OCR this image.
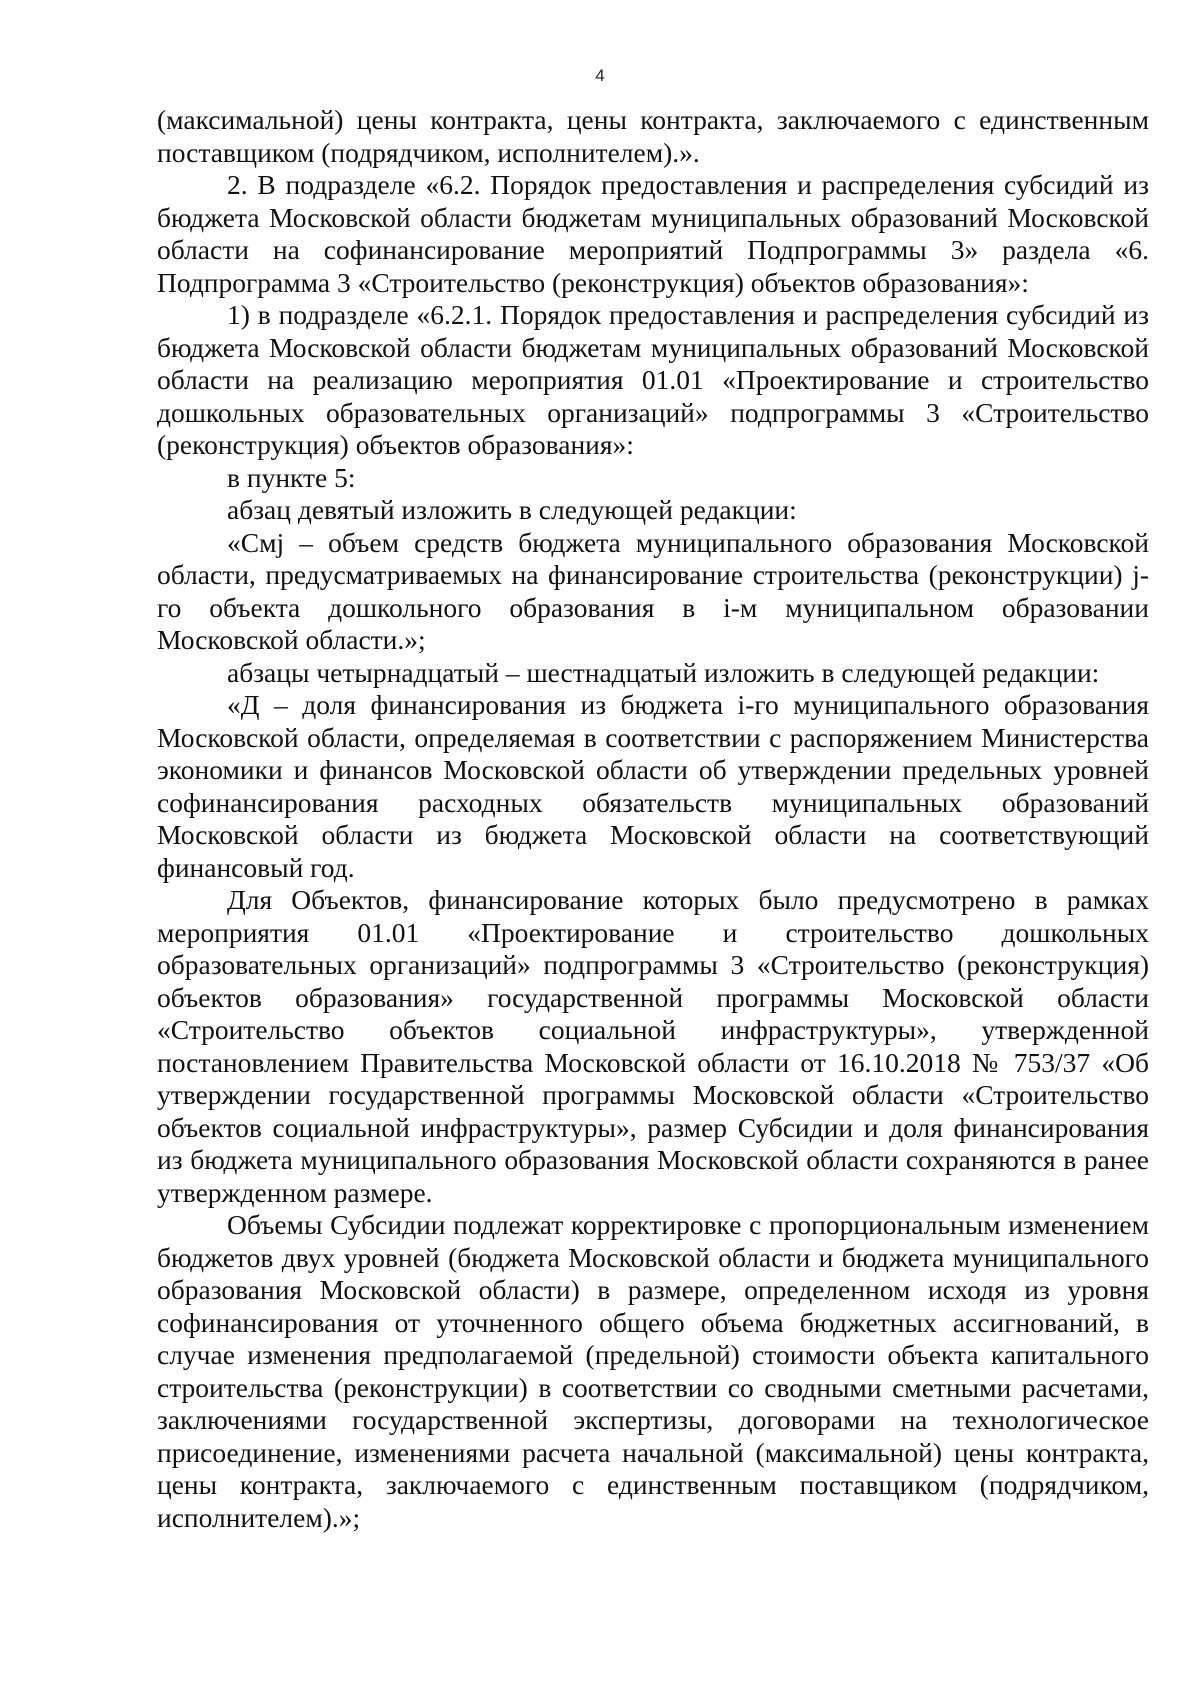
4

(максимальной) цены контракта, цены контракта, заключаемого с единственным поставщиком (подрядчиком, исполнителем).».

2. В подразделе «6.2. Порядок предоставления и распределения субсидий из бюджета Московской области бюджетам муниципальных образований Московской области на софинансирование мероприятий Подпрограммы 3» раздела «6. Подпрограмма 3 «Строительство (реконструкция) объектов образования»:

1) в подразделе «6.2.1. Порядок предоставления и распределения субсидий из бюджета Московской области бюджетам муниципальных образований Московской области на реализацию мероприятия 01.01 «Проектирование и строительство дошкольных образовательных организаций» подпрограммы 3 «Строительство (реконструкция) объектов образования»:

в пункте 5:

абзац девятый изложить в следующей редакции:

«Смj – объем средств бюджета муниципального образования Московской области, предусматриваемых на финансирование строительства (реконструкции) j-го объекта дошкольного образования в i-м муниципальном образовании Московской области.»;

абзацы четырнадцатый – шестнадцатый изложить в следующей редакции:

«Д – доля финансирования из бюджета i-го муниципального образования Московской области, определяемая в соответствии с распоряжением Министерства экономики и финансов Московской области об утверждении предельных уровней софинансирования расходных обязательств муниципальных образований Московской области из бюджета Московской области на соответствующий финансовый год.

Для Объектов, финансирование которых было предусмотрено в рамках мероприятия 01.01 «Проектирование и строительство дошкольных образовательных организаций» подпрограммы 3 «Строительство (реконструкция) объектов образования» государственной программы Московской области «Строительство объектов социальной инфраструктуры», утвержденной постановлением Правительства Московской области от 16.10.2018 № 753/37 «Об утверждении государственной программы Московской области «Строительство объектов социальной инфраструктуры», размер Субсидии и доля финансирования из бюджета муниципального образования Московской области сохраняются в ранее утвержденном размере.

Объемы Субсидии подлежат корректировке с пропорциональным изменением бюджетов двух уровней (бюджета Московской области и бюджета муниципального образования Московской области) в размере, определенном исходя из уровня софинансирования от уточненного общего объема бюджетных ассигнований, в случае изменения предполагаемой (предельной) стоимости объекта капитального строительства (реконструкции) в соответствии со сводными сметными расчетами, заключениями государственной экспертизы, договорами на технологическое присоединение, изменениями расчета начальной (максимальной) цены контракта, цены контракта, заключаемого с единственным поставщиком (подрядчиком, исполнителем).»;
